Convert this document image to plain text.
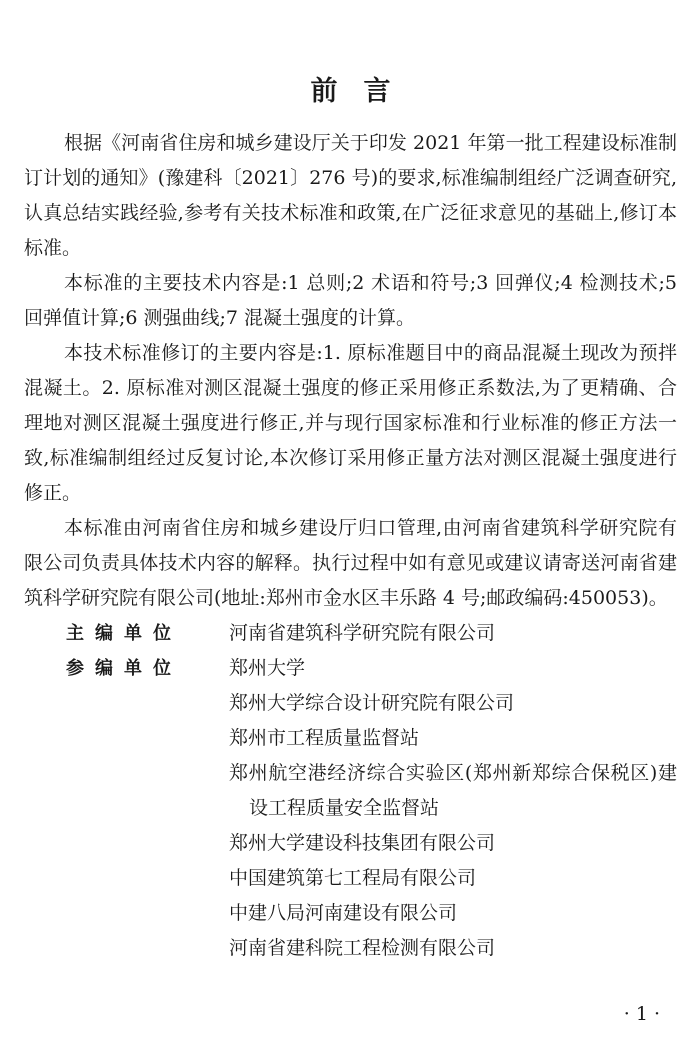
前言

根据《河南省住房和城乡建设厅关于印发 2021 年第一批工程建设标准制订计划的通知》(豫建科〔2021〕276 号)的要求,标准编制组经广泛调查研究,认真总结实践经验,参考有关技术标准和政策,在广泛征求意见的基础上,修订本标准。

本标准的主要技术内容是:1 总则;2 术语和符号;3 回弹仪;4 检测技术;5 回弹值计算;6 测强曲线;7 混凝土强度的计算。

本技术标准修订的主要内容是:1. 原标准题目中的商品混凝土现改为预拌混凝土。2. 原标准对测区混凝土强度的修正采用修正系数法,为了更精确、合理地对测区混凝土强度进行修正,并与现行国家标准和行业标准的修正方法一致,标准编制组经过反复讨论,本次修订采用修正量方法对测区混凝土强度进行修正。

本标准由河南省住房和城乡建设厅归口管理,由河南省建筑科学研究院有限公司负责具体技术内容的解释。执行过程中如有意见或建议请寄送河南省建筑科学研究院有限公司(地址:郑州市金水区丰乐路 4 号;邮政编码:450053)。

主编单位	河南省建筑科学研究院有限公司

参编单位	郑州大学

郑州大学综合设计研究院有限公司

郑州市工程质量监督站

郑州航空港经济综合实验区(郑州新郑综合保税区)建设工程质量安全监督站

郑州大学建设科技集团有限公司

中国建筑第七工程局有限公司

中建八局河南建设有限公司

河南省建科院工程检测有限公司

· 1 ·
